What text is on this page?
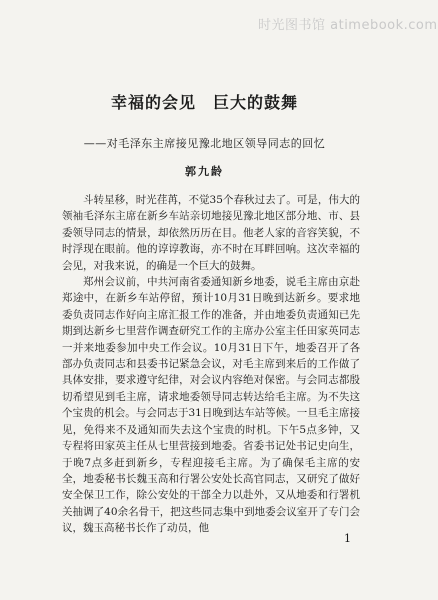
时光图书馆 atimebook.com
幸福的会见　巨大的鼓舞
——对毛泽东主席接见豫北地区领导同志的回忆
郭九龄

斗转星移，时光荏苒，不觉35个春秋过去了。可是，伟大的领袖毛泽东主席在新乡车站亲切地接见豫北地区部分地、市、县委领导同志的情景，却依然历历在目。他老人家的音容笑貌，不时浮现在眼前。他的谆谆教诲，亦不时在耳畔回响。这次幸福的会见，对我来说，的确是一个巨大的鼓舞。

郑州会议前，中共河南省委通知新乡地委，说毛主席由京赴郑途中，在新乡车站停留，预计10月31日晚到达新乡。要求地委负责同志作好向主席汇报工作的准备，并由地委负责通知已先期到达新乡七里营作调查研究工作的主席办公室主任田家英同志一并来地委参加中央工作会议。10月31日下午，地委召开了各部办负责同志和县委书记紧急会议，对毛主席到来后的工作做了具体安排，要求遵守纪律，对会议内容绝对保密。与会同志都殷切希望见到毛主席，请求地委领导同志转达给毛主席。为不失这个宝贵的机会。与会同志于31日晚到达车站等候。一旦毛主席接见，免得来不及通知而失去这个宝贵的时机。下午5点多钟，又专程将田家英主任从七里营接到地委。省委书记处书记史向生，于晚7点多赶到新乡，专程迎接毛主席。为了确保毛主席的安全，地委秘书长魏玉高和行署公安处长高官同志，又研究了做好安全保卫工作，除公安处的干部全力以赴外，又从地委和行署机关抽调了40余名骨干，把这些同志集中到地委会议室开了专门会议，魏玉高秘书长作了动员，他

1
